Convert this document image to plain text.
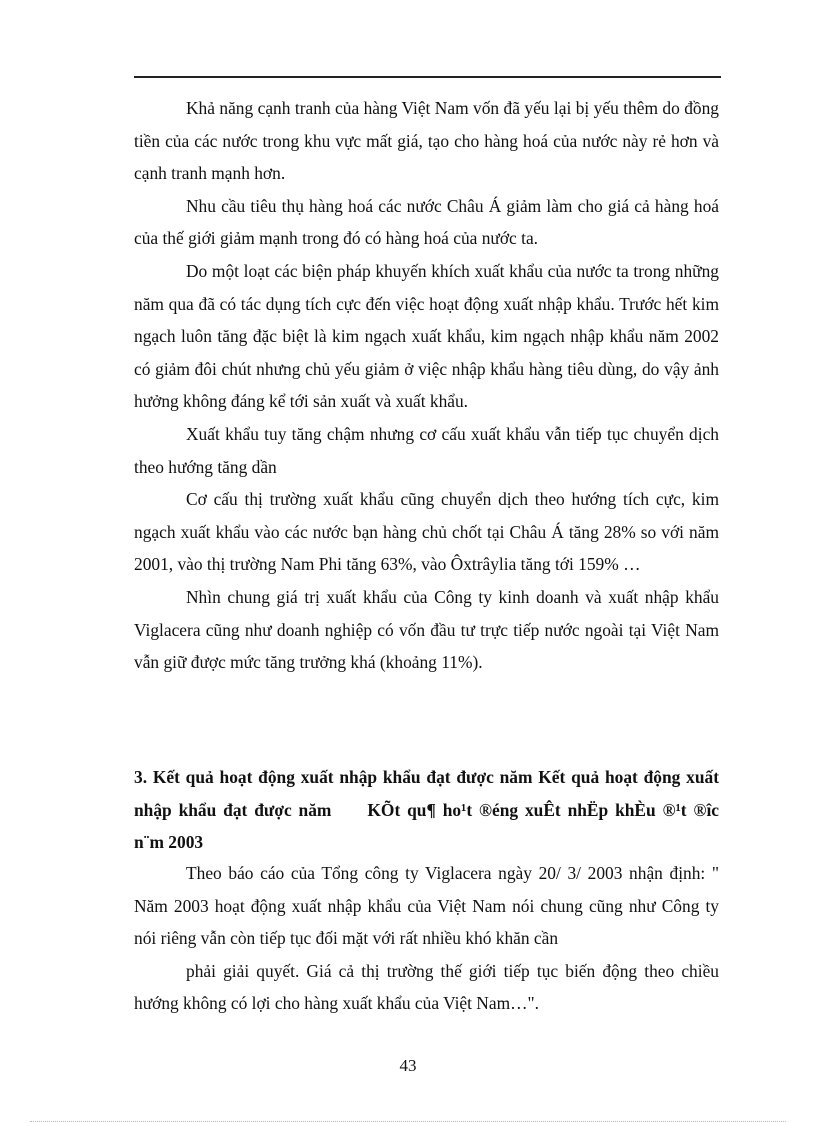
Khả năng cạnh tranh của hàng Việt Nam vốn đã yếu lại bị yếu thêm do đồng tiền của các nước trong khu vực mất giá, tạo cho hàng hoá của nước này rẻ hơn và cạnh tranh mạnh hơn.

Nhu cầu tiêu thụ hàng hoá các nước Châu Á giảm làm cho giá cả hàng hoá của thế giới giảm mạnh trong đó có hàng hoá của nước ta.

Do một loạt các biện pháp khuyến khích xuất khẩu của nước ta trong những năm qua đã có tác dụng tích cực đến việc hoạt động xuất nhập khẩu. Trước hết kim ngạch luôn tăng đặc biệt là kim ngạch xuất khẩu, kim ngạch nhập khẩu năm 2002 có giảm đôi chút nhưng chủ yếu giảm ở việc nhập khẩu hàng tiêu dùng, do vậy ảnh hưởng không đáng kể tới sản xuất và xuất khẩu.

Xuất khẩu tuy tăng chậm nhưng cơ cấu xuất khẩu vẫn tiếp tục chuyển dịch theo hướng tăng dần

Cơ cấu thị trường xuất khẩu cũng chuyển dịch theo hướng tích cực, kim ngạch xuất khẩu vào các nước bạn hàng chủ chốt tại Châu Á tăng 28% so với năm 2001, vào thị trường Nam Phi tăng 63%, vào Ôxtrâylia tăng tới 159% …

Nhìn chung giá trị xuất khẩu của Công ty kinh doanh và xuất nhập khẩu Viglacera cũng như doanh nghiệp có vốn đầu tư trực tiếp nước ngoài tại Việt Nam vẫn giữ được mức tăng trưởng khá (khoảng 11%).

3. Kết quả hoạt động xuất nhập khẩu đạt được năm Kết quả hoạt động xuất nhập khẩu đạt được năm KÕt qu¶ ho¹t ®éng xuÊt nhËp khÈu ®¹t ®îc n¨m 2003

Theo báo cáo của Tổng công ty Viglacera ngày 20/ 3/ 2003 nhận định: " Năm 2003 hoạt động xuất nhập khẩu của Việt Nam nói chung cũng như Công ty nói riêng vẫn còn tiếp tục đối mặt với rất nhiều khó khăn cần

phải giải quyết. Giá cả thị trường thế giới tiếp tục biến động theo chiều hướng không có lợi cho hàng xuất khẩu của Việt Nam…".

43
